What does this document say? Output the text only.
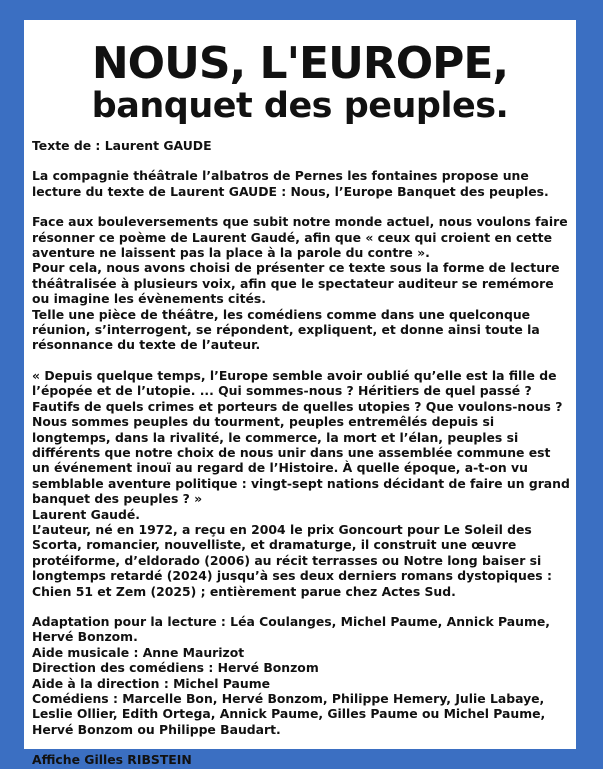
NOUS, L'EUROPE,
banquet des peuples.

Texte de : Laurent GAUDE

La compagnie théâtrale l’albatros de Pernes les fontaines propose une lecture du texte de Laurent GAUDE : Nous, l’Europe Banquet des peuples.

Face aux bouleversements que subit notre monde actuel, nous voulons faire résonner ce poème de Laurent Gaudé, afin que « ceux qui croient en cette aventure ne laissent pas la place à la parole du contre ».

Pour cela, nous avons choisi de présenter ce texte sous la forme de lecture théâtralisée à plusieurs voix, afin que le spectateur auditeur se remémore ou imagine les évènements cités.

Telle une pièce de théâtre, les comédiens comme dans une quelconque réunion, s’interrogent, se répondent, expliquent, et donne ainsi toute la résonnance du texte de l’auteur.

« Depuis quelque temps, l’Europe semble avoir oublié qu’elle est la fille de l’épopée et de l’utopie. ... Qui sommes-nous ? Héritiers de quel passé ? Fautifs de quels crimes et porteurs de quelles utopies ? Que voulons-nous ? Nous sommes peuples du tourment, peuples entremêlés depuis si longtemps, dans la rivalité, le commerce, la mort et l’élan, peuples si différents que notre choix de nous unir dans une assemblée commune est un événement inouï au regard de l’Histoire. À quelle époque, a-t-on vu semblable aventure politique : vingt-sept nations décidant de faire un grand banquet des peuples ? »

Laurent Gaudé.

L’auteur, né en 1972, a reçu en 2004 le prix Goncourt pour Le Soleil des Scorta, romancier, nouvelliste, et dramaturge, il construit une œuvre protéiforme, d’eldorado (2006) au récit terrasses ou Notre long baiser si longtemps retardé (2024) jusqu’à ses deux derniers romans dystopiques : Chien 51 et Zem (2025) ; entièrement parue chez Actes Sud.

Adaptation pour la lecture : Léa Coulanges, Michel Paume, Annick Paume, Hervé Bonzom.

Aide musicale : Anne Maurizot

Direction des comédiens : Hervé Bonzom

Aide à la direction : Michel Paume

Comédiens : Marcelle Bon, Hervé Bonzom, Philippe Hemery, Julie Labaye, Leslie Ollier, Edith Ortega, Annick Paume, Gilles Paume ou Michel Paume, Hervé Bonzom ou Philippe Baudart.

Affiche Gilles RIBSTEIN
